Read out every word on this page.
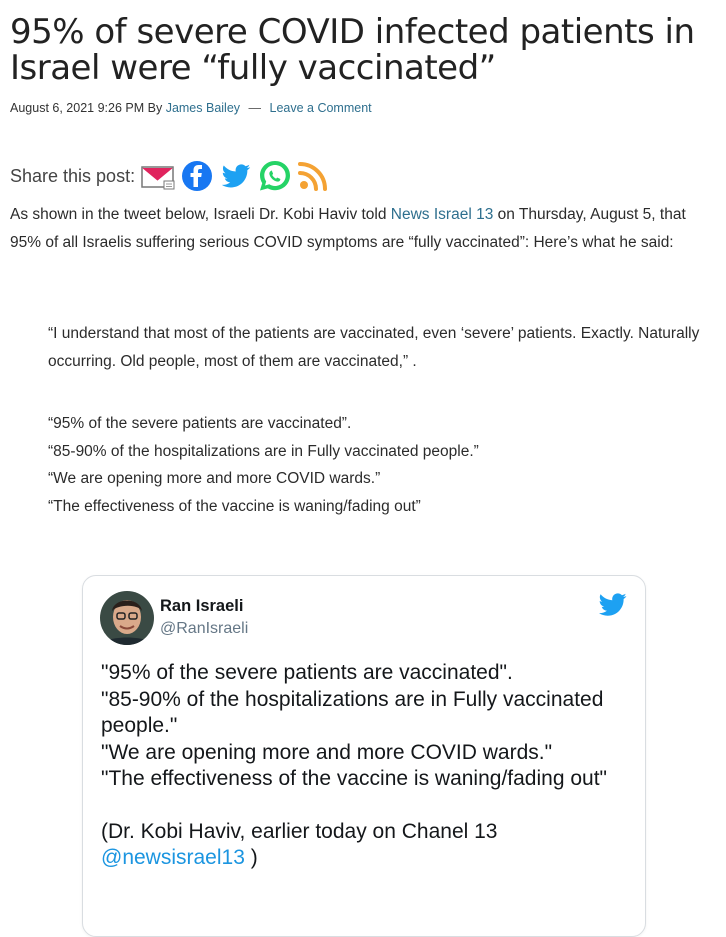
95% of severe COVID infected patients in Israel were “fully vaccinated”
August 6, 2021 9:26 PM By James Bailey — Leave a Comment
Share this post:

As shown in the tweet below, Israeli Dr. Kobi Haviv told News Israel 13 on Thursday, August 5, that 95% of all Israelis suffering serious COVID symptoms are “fully vaccinated”: Here’s what he said:

“I understand that most of the patients are vaccinated, even ‘severe’ patients. Exactly. Naturally occurring. Old people, most of them are vaccinated,” .

“95% of the severe patients are vaccinated”.
“85-90% of the hospitalizations are in Fully vaccinated people.”
“We are opening more and more COVID wards.”
“The effectiveness of the vaccine is waning/fading out”
Ran Israeli
@RanIsraeli
"95% of the severe patients are vaccinated".
"85-90% of the hospitalizations are in Fully vaccinated people."
"We are opening more and more COVID wards."
"The effectiveness of the vaccine is waning/fading out"
(Dr. Kobi Haviv, earlier today on Chanel 13
@newsisrael13 )
